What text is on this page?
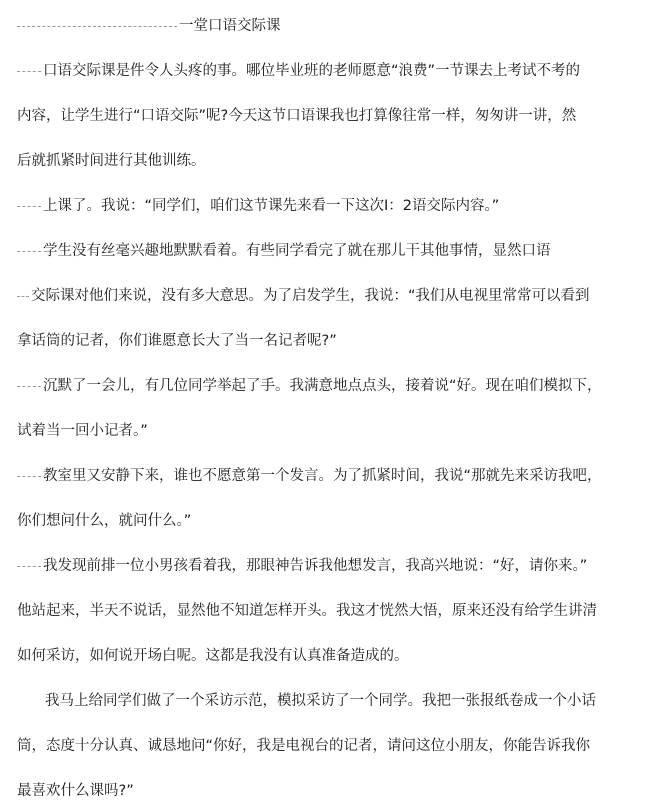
一堂口语交际课
口语交际课是件令人头疼的事。哪位毕业班的老师愿意“浪费”一节课去上考试不考的
内容，让学生进行“口语交际”呢?今天这节口语课我也打算像往常一样，匆匆讲一讲，然
后就抓紧时间进行其他训练。
上课了。我说：“同学们，咱们这节课先来看一下这次Ⅰ：2语交际内容。”
学生没有丝毫兴趣地默默看着。有些同学看完了就在那儿干其他事情，显然口语
交际课对他们来说，没有多大意思。为了启发学生，我说：“我们从电视里常常可以看到
拿话筒的记者，你们谁愿意长大了当一名记者呢?”
沉默了一会儿，有几位同学举起了手。我满意地点点头，接着说“好。现在咱们模拟下，
试着当一回小记者。”
教室里又安静下来，谁也不愿意第一个发言。为了抓紧时间，我说“那就先来采访我吧，
你们想问什么，就问什么。”
我发现前排一位小男孩看着我，那眼神告诉我他想发言，我高兴地说：“好，请你来。”
他站起来，半天不说话，显然他不知道怎样开头。我这才恍然大悟，原来还没有给学生讲清
如何采访，如何说开场白呢。这都是我没有认真准备造成的。
我马上给同学们做了一个采访示范，模拟采访了一个同学。我把一张报纸卷成一个小话
筒，态度十分认真、诚恳地问“你好，我是电视台的记者，请问这位小朋友，你能告诉我你
最喜欢什么课吗?”
